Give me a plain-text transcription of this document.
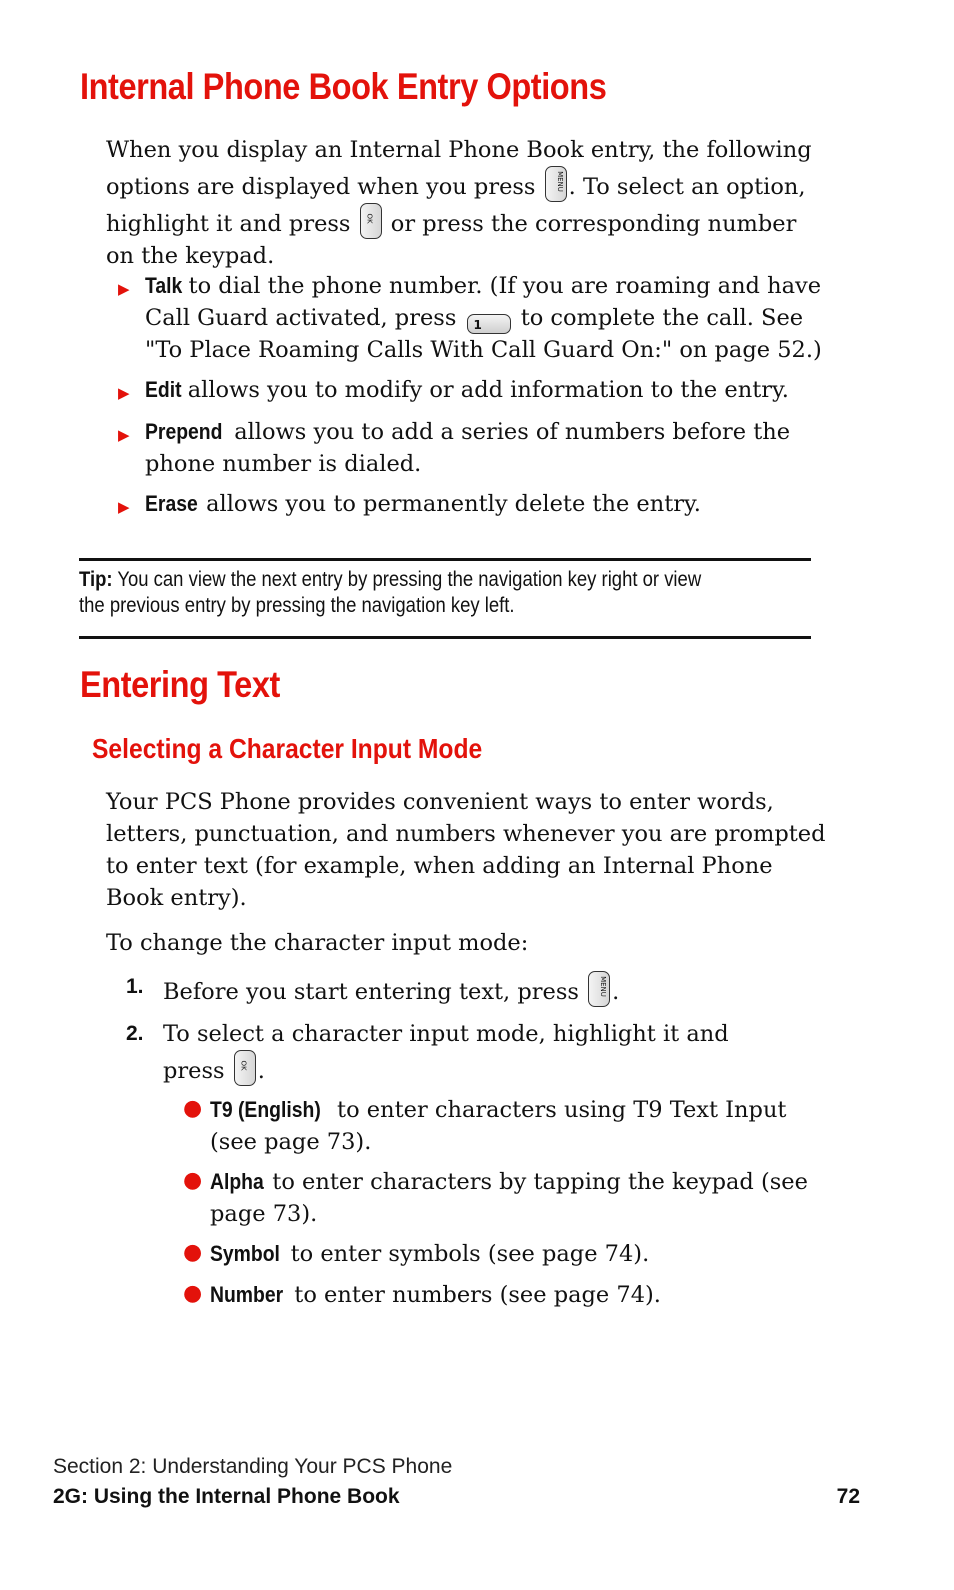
Internal Phone Book Entry Options

When you display an Internal Phone Book entry, the following options are displayed when you press	MENU . To select an option, highlight it and press OK or press the corresponding number on the keypad.

▶ Talk to dial the phone number. (If you are roaming and have Call Guard activated, press 1 to complete the call. See "To Place Roaming Calls With Call Guard On:" on page 52.)

▶ Edit allows you to modify or add information to the entry.

▶ Prepend allows you to add a series of numbers before the phone number is dialed.

▶ Erase allows you to permanently delete the entry.

Tip: You can view the next entry by pressing the navigation key right or view the previous entry by pressing the navigation key left.

Entering Text
Selecting a Character Input Mode

Your PCS Phone provides convenient ways to enter words, letters, punctuation, and numbers whenever you are prompted to enter text (for example, when adding an Internal Phone Book entry).

To change the character input mode:

1. Before you start entering text, press	MENU .

2. To select a character input mode, highlight it and press OK .

● T9 (English) to enter characters using T9 Text Input (see page 73).

● Alpha to enter characters by tapping the keypad (see page 73).

● Symbol to enter symbols (see page 74).

● Number to enter numbers (see page 74).

Section 2: Understanding Your PCS Phone
2G: Using the Internal Phone Book	72
